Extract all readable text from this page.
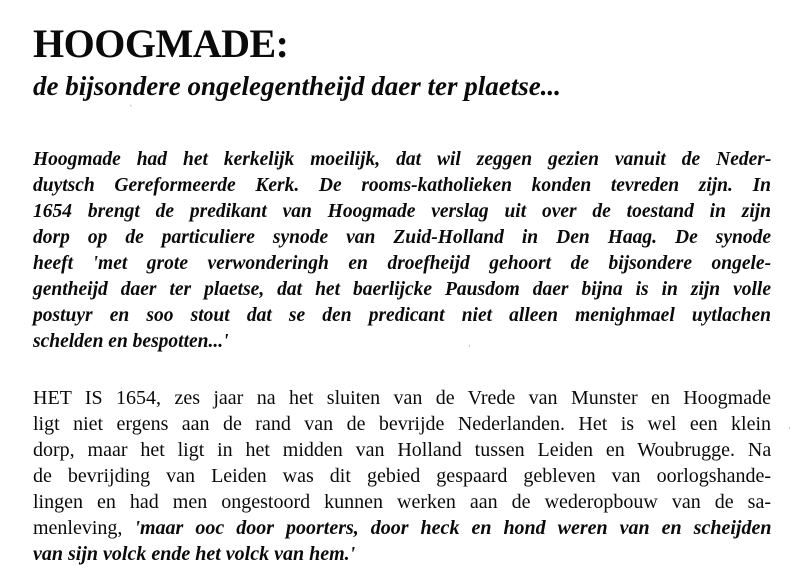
HOOGMADE:
de bijsondere ongelegentheijd daer ter plaetse...
Hoogmade had het kerkelijk moeilijk, dat wil zeggen gezien vanuit de Neder-
duytsch Gereformeerde Kerk. De rooms-katholieken konden tevreden zijn. In
1654 brengt de predikant van Hoogmade verslag uit over de toestand in zijn
dorp op de particuliere synode van Zuid-Holland in Den Haag. De synode
heeft 'met grote verwonderingh en droefheijd gehoort de bijsondere ongele-
gentheijd daer ter plaetse, dat het baerlijcke Pausdom daer bijna is in zijn volle
postuyr en soo stout dat se den predicant niet alleen menighmael uytlachen
schelden en bespotten...'
HET IS 1654, zes jaar na het sluiten van de Vrede van Munster en Hoogmade
ligt niet ergens aan de rand van de bevrijde Nederlanden. Het is wel een klein
dorp, maar het ligt in het midden van Holland tussen Leiden en Woubrugge. Na
de bevrijding van Leiden was dit gebied gespaard gebleven van oorlogshande-
lingen en had men ongestoord kunnen werken aan de wederopbouw van de sa-
menleving, 'maar ooc door poorters, door heck en hond weren van en scheijden
van sijn volck ende het volck van hem.'
`
·
·
